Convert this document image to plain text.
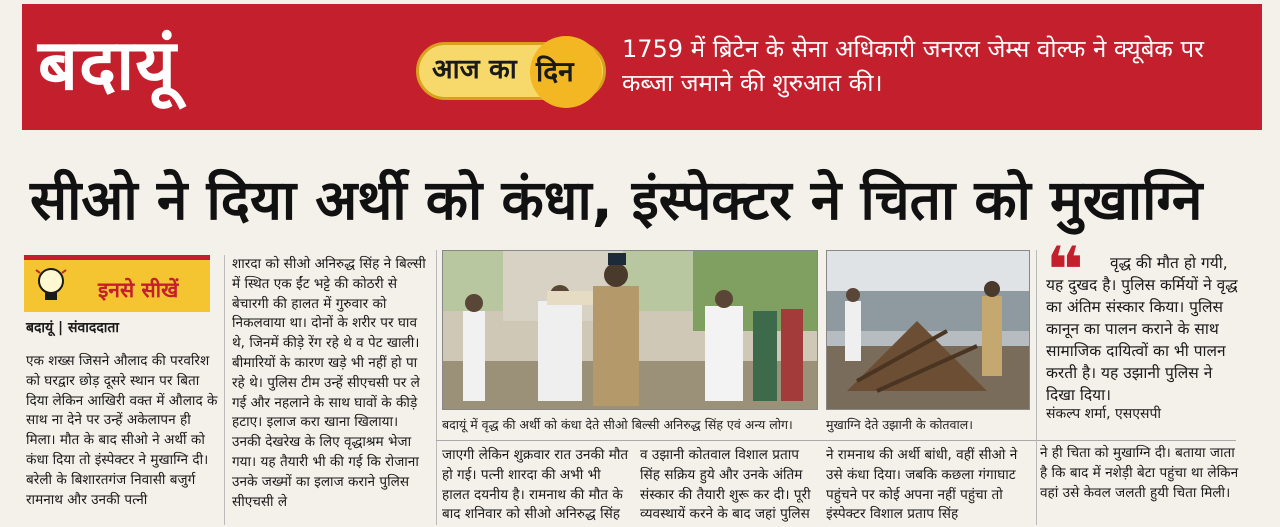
बदायूं	आज का दिन
1759 में ब्रिटेन के सेना अधिकारी जनरल जेम्स वोल्फ ने क्यूबेक पर कब्जा जमाने की शुरुआत की।
सीओ ने दिया अर्थी को कंधा, इंस्पेक्टर ने चिता को मुखाग्नि
इनसे सीखें
बदायूं | संवाददाता
एक शख्स जिसने औलाद की परवरिश को घरद्वार छोड़ दूसरे स्थान पर बिता दिया लेकिन आखिरी वक्त में औलाद के साथ ना देने पर उन्हें अकेलापन ही मिला। मौत के बाद सीओ ने अर्थी को कंधा दिया तो इंस्पेक्टर ने मुखाग्नि दी। बरेली के बिशारतगंज निवासी बजुर्ग रामनाथ और उनकी पत्नी
शारदा को सीओ अनिरुद्ध सिंह ने बिल्सी में स्थित एक ईंट भट्टे की कोठरी से बेचारगी की हालत में गुरुवार को निकलवाया था। दोनों के शरीर पर घाव थे, जिनमें कीड़े रेंग रहे थे व पेट खाली। बीमारियों के कारण खड़े भी नहीं हो पा रहे थे। पुलिस टीम उन्हें सीएचसी पर ले गई और नहलाने के साथ घावों के कीड़े हटाए। इलाज करा खाना खिलाया। उनकी देखरेख के लिए वृद्धाश्रम भेजा गया। यह तैयारी भी की गई कि रोजाना उनके जख्मों का इलाज कराने पुलिस सीएचसी ले
बदायूं में वृद्ध की अर्थी को कंधा देते सीओ बिल्सी अनिरुद्ध सिंह एवं अन्य लोग।	मुखाग्नि देते उझानी के कोतवाल।
जाएगी लेकिन शुक्रवार रात उनकी मौत हो गई। पत्नी शारदा की अभी भी हालत दयनीय है। रामनाथ की मौत के बाद शनिवार को सीओ अनिरुद्ध सिंह
व उझानी कोतवाल विशाल प्रताप सिंह सक्रिय हुये और उनके अंतिम संस्कार की तैयारी शुरू कर दी। पूरी व्यवस्थायें करने के बाद जहां पुलिस
ने रामनाथ की अर्थी बांधी, वहीं सीओ ने उसे कंधा दिया। जबकि कछला गंगाघाट पहुंचने पर कोई अपना नहीं पहुंचा तो इंस्पेक्टर विशाल प्रताप सिंह
❝	वृद्ध की मौत हो गयी, यह दुखद है। पुलिस कर्मियों ने वृद्ध का अंतिम संस्कार किया। पुलिस कानून का पालन कराने के साथ सामाजिक दायित्वों का भी पालन करती है। यह उझानी पुलिस ने दिखा दिया।
संकल्प शर्मा, एसएसपी
ने ही चिता को मुखाग्नि दी। बताया जाता है कि बाद में नशेड़ी बेटा पहुंचा था लेकिन वहां उसे केवल जलती हुयी चिता मिली।
